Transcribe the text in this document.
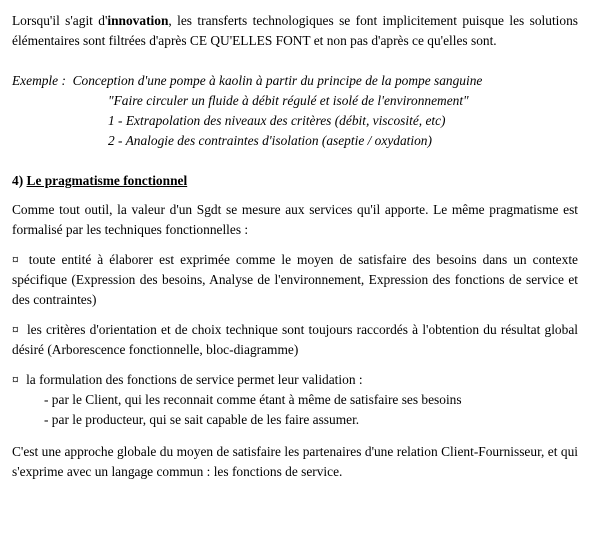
Lorsqu'il s'agit d'innovation, les transferts technologiques se font implicitement puisque les solutions élémentaires sont filtrées d'après CE QU'ELLES FONT et non pas d'après ce qu'elles sont.

Exemple : Conception d'une pompe à kaolin à partir du principe de la pompe sanguine
"Faire circuler un fluide à débit régulé et isolé de l'environnement"
1 - Extrapolation des niveaux des critères (débit, viscosité, etc)
2 - Analogie des contraintes d'isolation (aseptie / oxydation)

4) Le pragmatisme fonctionnel

Comme tout outil, la valeur d'un Sgdt se mesure aux services qu'il apporte. Le même pragmatisme est formalisé par les techniques fonctionnelles :

¤ toute entité à élaborer est exprimée comme le moyen de satisfaire des besoins dans un contexte spécifique (Expression des besoins, Analyse de l'environnement, Expression des fonctions de service et des contraintes)

¤ les critères d'orientation et de choix technique sont toujours raccordés à l'obtention du résultat global désiré (Arborescence fonctionnelle, bloc-diagramme)

¤ la formulation des fonctions de service permet leur validation :

- par le Client, qui les reconnait comme étant à même de satisfaire ses besoins
- par le producteur, qui se sait capable de les faire assumer.

C'est une approche globale du moyen de satisfaire les partenaires d'une relation Client-Fournisseur, et qui s'exprime avec un langage commun : les fonctions de service.
